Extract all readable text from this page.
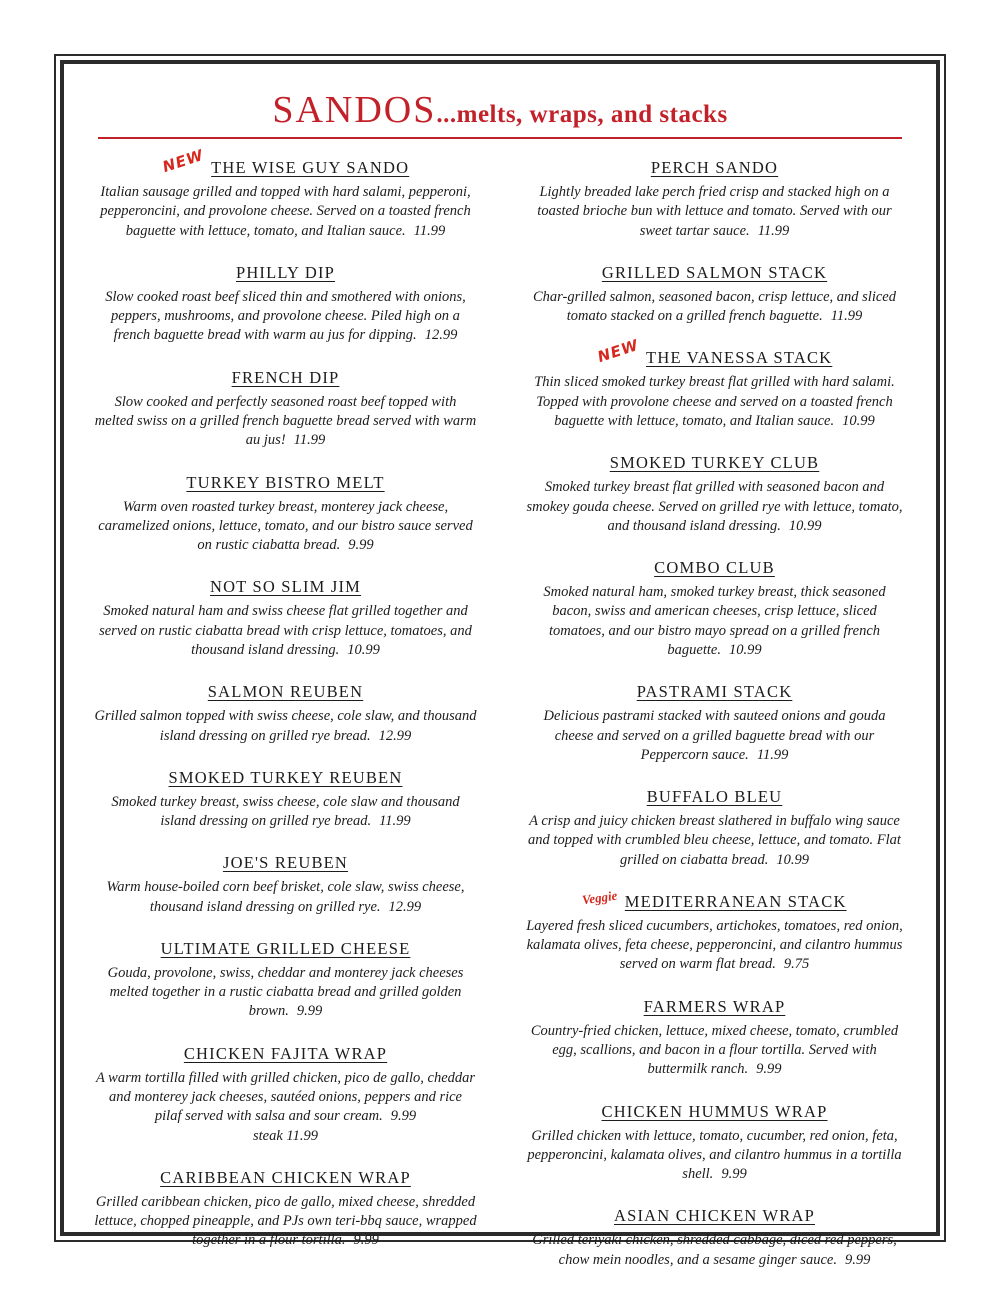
SANDOS...melts, wraps, and stacks
NEW THE WISE GUY SANDO

Italian sausage grilled and topped with hard salami, pepperoni, pepperoncini, and provolone cheese. Served on a toasted french baguette with lettuce, tomato, and Italian sauce. 11.99

PHILLY DIP

Slow cooked roast beef sliced thin and smothered with onions, peppers, mushrooms, and provolone cheese. Piled high on a french baguette bread with warm au jus for dipping. 12.99

FRENCH DIP

Slow cooked and perfectly seasoned roast beef topped with melted swiss on a grilled french baguette bread served with warm au jus! 11.99

TURKEY BISTRO MELT

Warm oven roasted turkey breast, monterey jack cheese, caramelized onions, lettuce, tomato, and our bistro sauce served on rustic ciabatta bread. 9.99

NOT SO SLIM JIM

Smoked natural ham and swiss cheese flat grilled together and served on rustic ciabatta bread with crisp lettuce, tomatoes, and thousand island dressing. 10.99

SALMON REUBEN

Grilled salmon topped with swiss cheese, cole slaw, and thousand island dressing on grilled rye bread. 12.99

SMOKED TURKEY REUBEN

Smoked turkey breast, swiss cheese, cole slaw and thousand island dressing on grilled rye bread. 11.99

JOE'S REUBEN

Warm house-boiled corn beef brisket, cole slaw, swiss cheese, thousand island dressing on grilled rye. 12.99

ULTIMATE GRILLED CHEESE

Gouda, provolone, swiss, cheddar and monterey jack cheeses melted together in a rustic ciabatta bread and grilled golden brown. 9.99

CHICKEN FAJITA WRAP

A warm tortilla filled with grilled chicken, pico de gallo, cheddar and monterey jack cheeses, sautéed onions, peppers and rice pilaf served with salsa and sour cream. 9.99

steak 11.99

CARIBBEAN CHICKEN WRAP

Grilled caribbean chicken, pico de gallo, mixed cheese, shredded lettuce, chopped pineapple, and PJs own teri-bbq sauce, wrapped together in a flour tortilla. 9.99

PERCH SANDO

Lightly breaded lake perch fried crisp and stacked high on a toasted brioche bun with lettuce and tomato. Served with our sweet tartar sauce. 11.99

GRILLED SALMON STACK

Char-grilled salmon, seasoned bacon, crisp lettuce, and sliced tomato stacked on a grilled french baguette. 11.99

NEW THE VANESSA STACK

Thin sliced smoked turkey breast flat grilled with hard salami. Topped with provolone cheese and served on a toasted french baguette with lettuce, tomato, and Italian sauce. 10.99

SMOKED TURKEY CLUB

Smoked turkey breast flat grilled with seasoned bacon and smokey gouda cheese. Served on grilled rye with lettuce, tomato, and thousand island dressing. 10.99

COMBO CLUB

Smoked natural ham, smoked turkey breast, thick seasoned bacon, swiss and american cheeses, crisp lettuce, sliced tomatoes, and our bistro mayo spread on a grilled french baguette. 10.99

PASTRAMI STACK

Delicious pastrami stacked with sauteed onions and gouda cheese and served on a grilled baguette bread with our Peppercorn sauce. 11.99

BUFFALO BLEU

A crisp and juicy chicken breast slathered in buffalo wing sauce and topped with crumbled bleu cheese, lettuce, and tomato. Flat grilled on ciabatta bread. 10.99

Veggie MEDITERRANEAN STACK

Layered fresh sliced cucumbers, artichokes, tomatoes, red onion, kalamata olives, feta cheese, pepperoncini, and cilantro hummus served on warm flat bread. 9.75

FARMERS WRAP

Country-fried chicken, lettuce, mixed cheese, tomato, crumbled egg, scallions, and bacon in a flour tortilla. Served with buttermilk ranch. 9.99

CHICKEN HUMMUS WRAP

Grilled chicken with lettuce, tomato, cucumber, red onion, feta, pepperoncini, kalamata olives, and cilantro hummus in a tortilla shell. 9.99

ASIAN CHICKEN WRAP

Grilled teriyaki chicken, shredded cabbage, diced red peppers, chow mein noodles, and a sesame ginger sauce. 9.99
